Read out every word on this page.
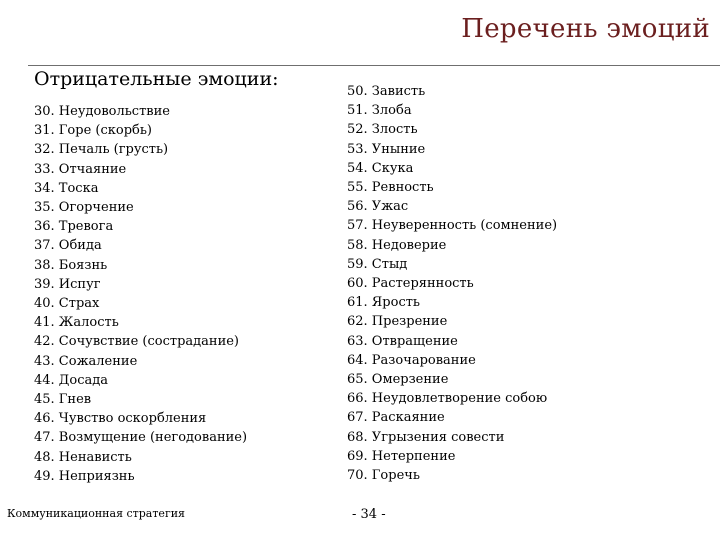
Перечень эмоций
Отрицательные эмоции:
30. Неудовольствие
31. Горе (скорбь)
32. Печаль (грусть)
33. Отчаяние
34. Тоска
35. Огорчение
36. Тревога
37. Обида
38. Боязнь
39. Испуг
40. Страх
41. Жалость
42. Сочувствие (сострадание)
43. Сожаление
44. Досада
45. Гнев
46. Чувство оскорбления
47. Возмущение (негодование)
48. Ненависть
49. Неприязнь
50. Зависть
51. Злоба
52. Злость
53. Уныние
54. Скука
55. Ревность
56. Ужас
57. Неуверенность (сомнение)
58. Недоверие
59. Стыд
60. Растерянность
61. Ярость
62. Презрение
63. Отвращение
64. Разочарование
65. Омерзение
66. Неудовлетворение собою
67. Раскаяние
68. Угрызения совести
69. Нетерпение
70. Горечь
Коммуникационная стратегия	- 34 -
